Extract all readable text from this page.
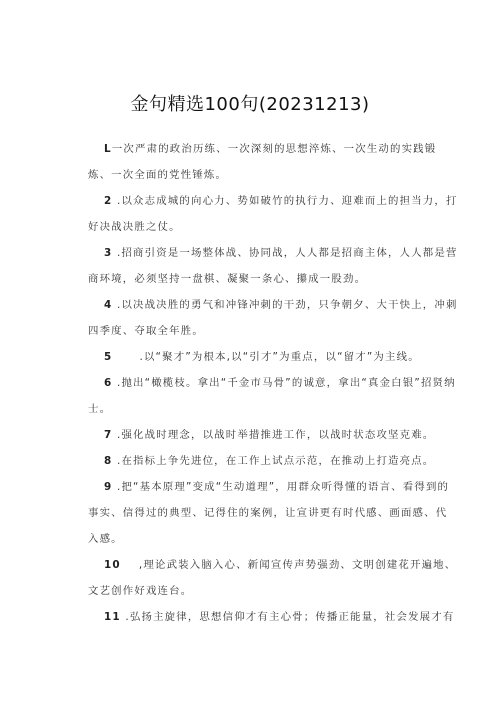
金句精选100句(20231213)

L一次严肃的政治历练、一次深刻的思想淬炼、一次生动的实践锻炼、一次全面的党性锤炼。

2 .以众志成城的向心力、势如破竹的执行力、迎难而上的担当力，打好决战决胜之仗。

3 .招商引资是一场整体战、协同战，人人都是招商主体，人人都是营商环境，必须坚持一盘棋、凝聚一条心、攥成一股劲。

4 .以决战决胜的勇气和冲锋冲刺的干劲，只争朝夕、大干快上，冲刺四季度、夺取全年胜。

5      .以“聚才”为根本,以“引才”为重点，以“留才”为主线。

6 .抛出“橄榄枝。拿出“千金市马骨”的诚意，拿出“真金白银”招贤纳士。

7 .强化战时理念，以战时举措推进工作，以战时状态攻坚克难。

8 .在指标上争先进位，在工作上试点示范，在推动上打造亮点。

9 .把“基本原理”变成“生动道理”，用群众听得懂的语言、看得到的事实、信得过的典型、记得住的案例，让宣讲更有时代感、画面感、代入感。

10    ,理论武装入脑入心、新闻宣传声势强劲、文明创建花开遍地、文艺创作好戏连台。

11 .弘扬主旋律，思想信仰才有主心骨；传播正能量，社会发展才有
